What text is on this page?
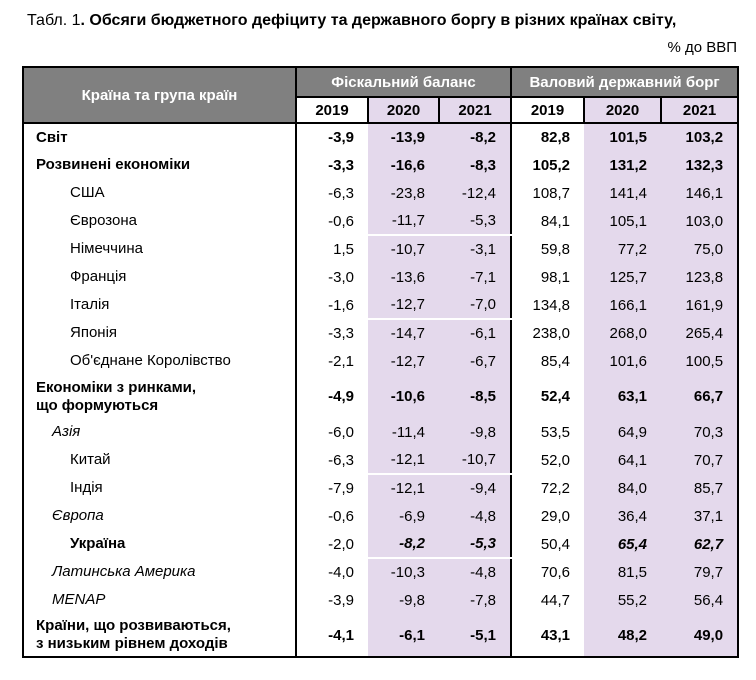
Табл. 1. Обсяги бюджетного дефіциту та державного боргу в різних країнах світу,
% до ВВП
Країна та група країн	Фіскальний баланс			Валовий державний борг		
	2019	2020	2021	2019	2020	2021
Світ	-3,9	-13,9	-8,2	82,8	101,5	103,2
Розвинені економіки	-3,3	-16,6	-8,3	105,2	131,2	132,3
США	-6,3	-23,8	-12,4	108,7	141,4	146,1
Єврозона	-0,6	-11,7	-5,3	84,1	105,1	103,0
Німеччина	1,5	-10,7	-3,1	59,8	77,2	75,0
Франція	-3,0	-13,6	-7,1	98,1	125,7	123,8
Італія	-1,6	-12,7	-7,0	134,8	166,1	161,9
Японія	-3,3	-14,7	-6,1	238,0	268,0	265,4
Об'єднане Королівство	-2,1	-12,7	-6,7	85,4	101,6	100,5

Економіки з ринками,
що формуються	-4,9	-10,6	-8,5	52,4	63,1	66,7
Азія	-6,0	-11,4	-9,8	53,5	64,9	70,3
Китай	-6,3	-12,1	-10,7	52,0	64,1	70,7
Індія	-7,9	-12,1	-9,4	72,2	84,0	85,7
Європа	-0,6	-6,9	-4,8	29,0	36,4	37,1
Україна	-2,0	-8,2	-5,3	50,4	65,4	62,7
Латинська Америка	-4,0	-10,3	-4,8	70,6	81,5	79,7
MENAP	-3,9	-9,8	-7,8	44,7	55,2	56,4

Країни, що розвиваються,
з низьким рівнем доходів	-4,1	-6,1	-5,1	43,1	48,2	49,0
